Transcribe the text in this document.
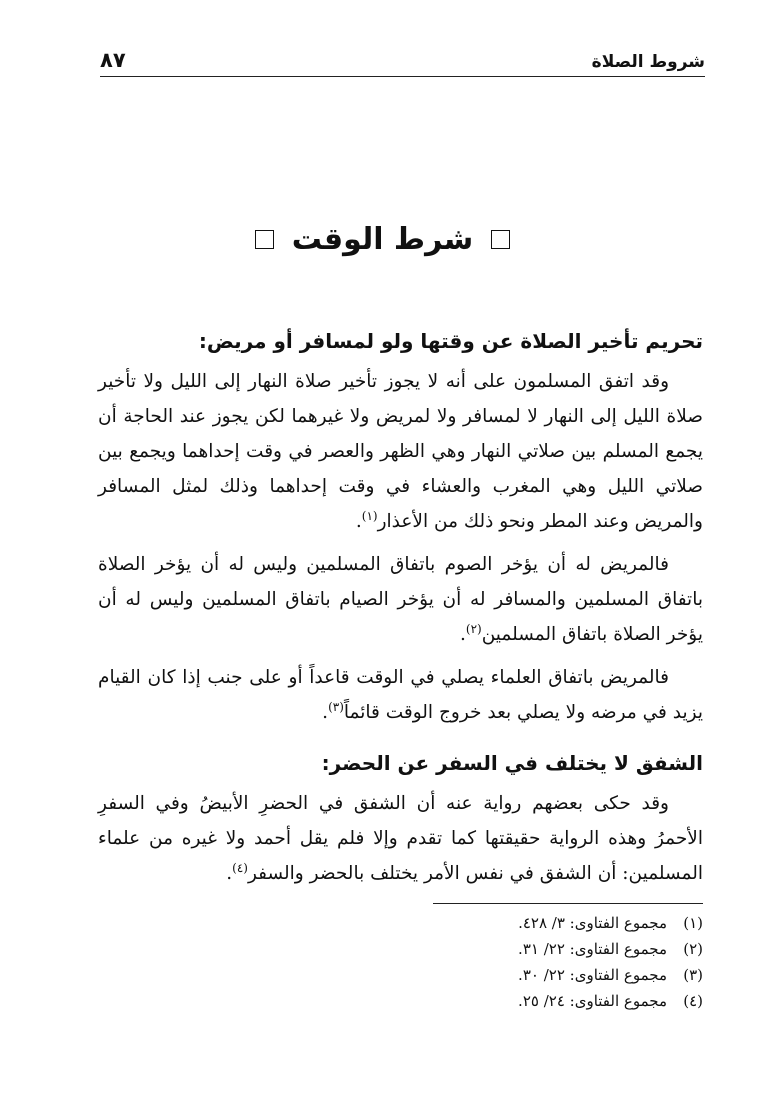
شروط الصلاة
٨٧
شرط الوقت
تحريم تأخير الصلاة عن وقتها ولو لمسافر أو مريض:

وقد اتفق المسلمون على أنه لا يجوز تأخير صلاة النهار إلى الليل ولا تأخير صلاة الليل إلى النهار لا لمسافر ولا لمريض ولا غيرهما لكن يجوز عند الحاجة أن يجمع المسلم بين صلاتي النهار وهي الظهر والعصر في وقت إحداهما ويجمع بين صلاتي الليل وهي المغرب والعشاء في وقت إحداهما وذلك لمثل المسافر والمريض وعند المطر ونحو ذلك من الأعذار$^{(١)}$.

فالمريض له أن يؤخر الصوم باتفاق المسلمين وليس له أن يؤخر الصلاة باتفاق المسلمين والمسافر له أن يؤخر الصيام باتفاق المسلمين وليس له أن يؤخر الصلاة باتفاق المسلمين$^{(٢)}$.

فالمريض باتفاق العلماء يصلي في الوقت قاعداً أو على جنب إذا كان القيام يزيد في مرضه ولا يصلي بعد خروج الوقت قائماً$^{(٣)}$.

الشفق لا يختلف في السفر عن الحضر:

وقد حكى بعضهم رواية عنه أن الشفق في الحضرِ الأبيضُ وفي السفرِ الأحمرُ وهذه الرواية حقيقتها كما تقدم وإلا فلم يقل أحمد ولا غيره من علماء المسلمين: أن الشفق في نفس الأمر يختلف بالحضر والسفر$^{(٤)}$.

(١)
مجموع الفتاوى: ٣/ ٤٢٨.
(٢)
مجموع الفتاوى: ٢٢/ ٣١.
(٣)
مجموع الفتاوى: ٢٢/ ٣٠.
(٤)
مجموع الفتاوى: ٢٤/ ٢٥.
